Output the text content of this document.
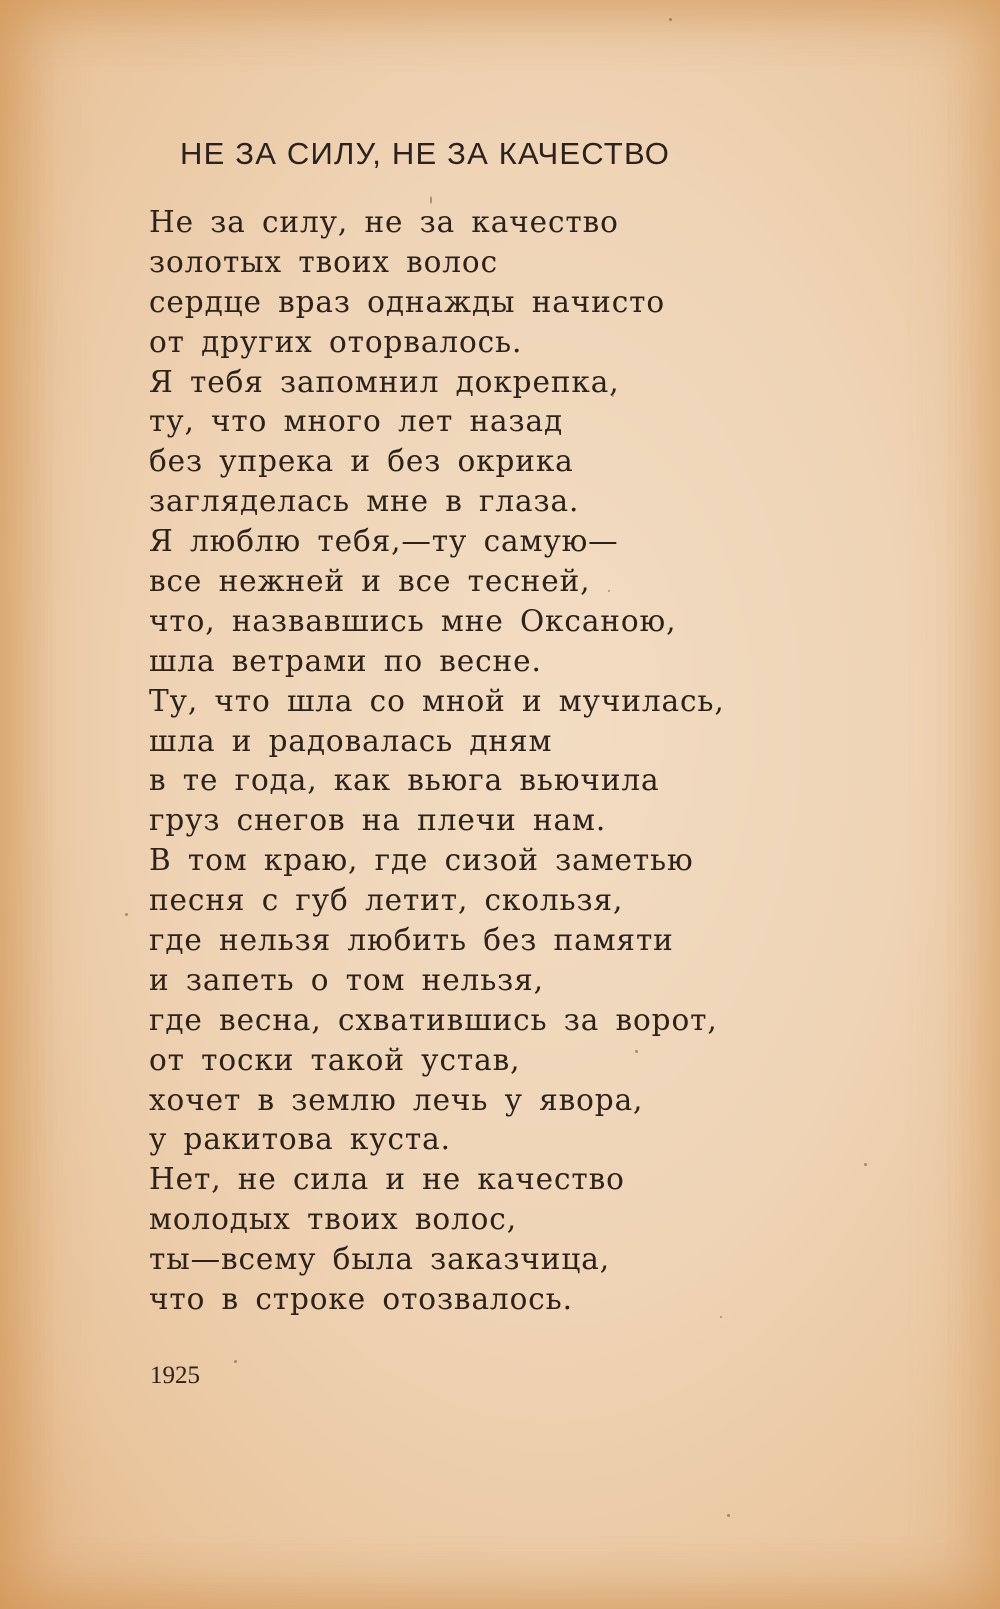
НЕ ЗА СИЛУ, НЕ ЗА КАЧЕСТВО
Не за силу, не за качество
золотых твоих волос
сердце враз однажды начисто
от других оторвалось.
Я тебя запомнил докрепка,
ту, что много лет назад
без упрека и без окрика
загляделась мне в глаза.
Я люблю тебя,—ту самую—
все нежней и все тесней,
что, назвавшись мне Оксаною,
шла ветрами по весне.
Ту, что шла со мной и мучилась,
шла и радовалась дням
в те года, как вьюга вьючила
груз снегов на плечи нам.
В том краю, где сизой заметью
песня с губ летит, скользя,
где нельзя любить без памяти
и запеть о том нельзя,
где весна, схватившись за ворот,
от тоски такой устав,
хочет в землю лечь у явора,
у ракитова куста.
Нет, не сила и не качество
молодых твоих волос,
ты—всему была заказчица,
что в строке отозвалось.

1925
